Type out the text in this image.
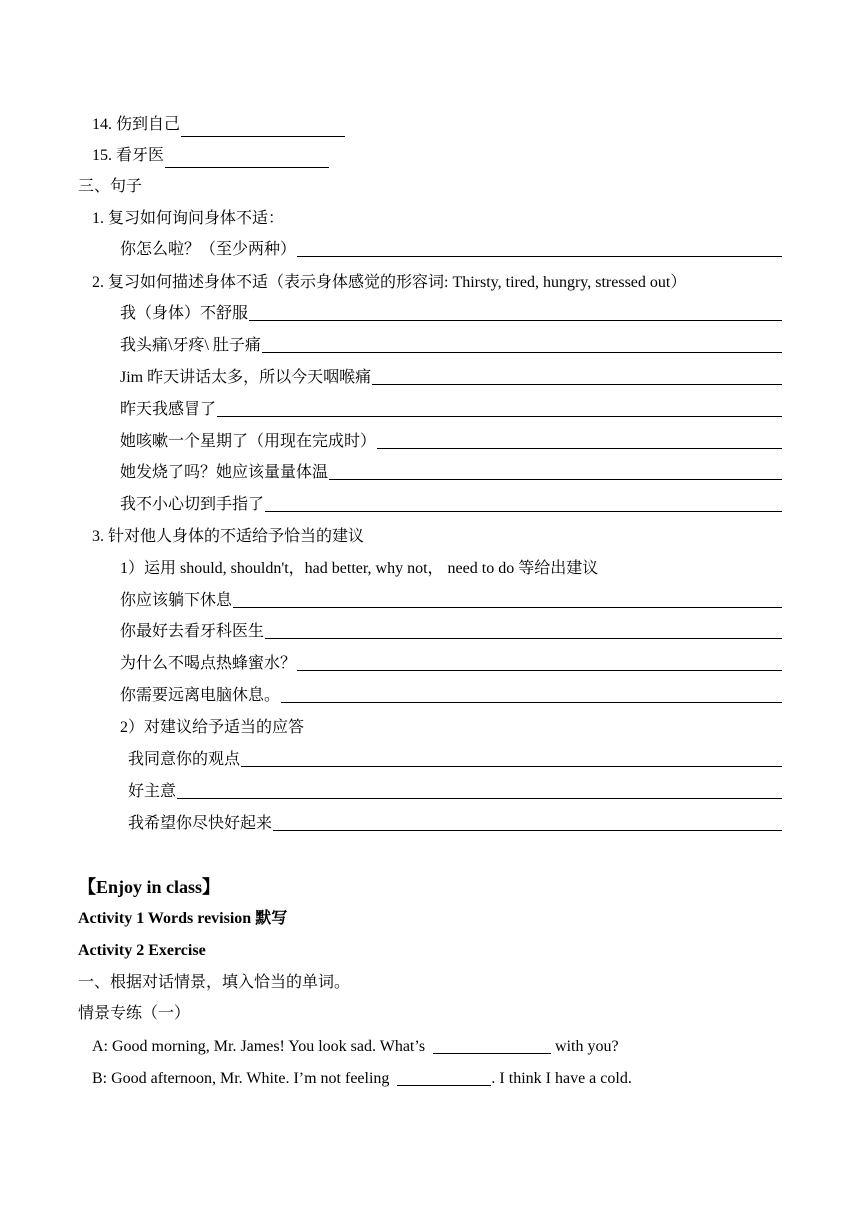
14. 伤到自己
15. 看牙医
三、句子
1. 复习如何询问身体不适：
你怎么啦？（至少两种）
2. 复习如何描述身体不适（表示身体感觉的形容词: Thirsty, tired, hungry, stressed out）
我（身体）不舒服
我头痛\牙疼\ 肚子痛
Jim 昨天讲话太多，所以今天咽喉痛
昨天我感冒了
她咳嗽一个星期了（用现在完成时）
她发烧了吗？她应该量量体温
我不小心切到手指了
3. 针对他人身体的不适给予恰当的建议
1）运用 should, shouldn't，had better, why not， need to do 等给出建议
你应该躺下休息
你最好去看牙科医生
为什么不喝点热蜂蜜水？
你需要远离电脑休息。
2）对建议给予适当的应答
我同意你的观点
好主意
我希望你尽快好起来
【Enjoy in class】
Activity 1 Words revision 默写
Activity 2 Exercise
一、根据对话情景，填入恰当的单词。
情景专练（一）
A: Good morning, Mr. James! You look sad. What’s	with you?
B: Good afternoon, Mr. White. I’m not feeling	. I think I have a cold.
